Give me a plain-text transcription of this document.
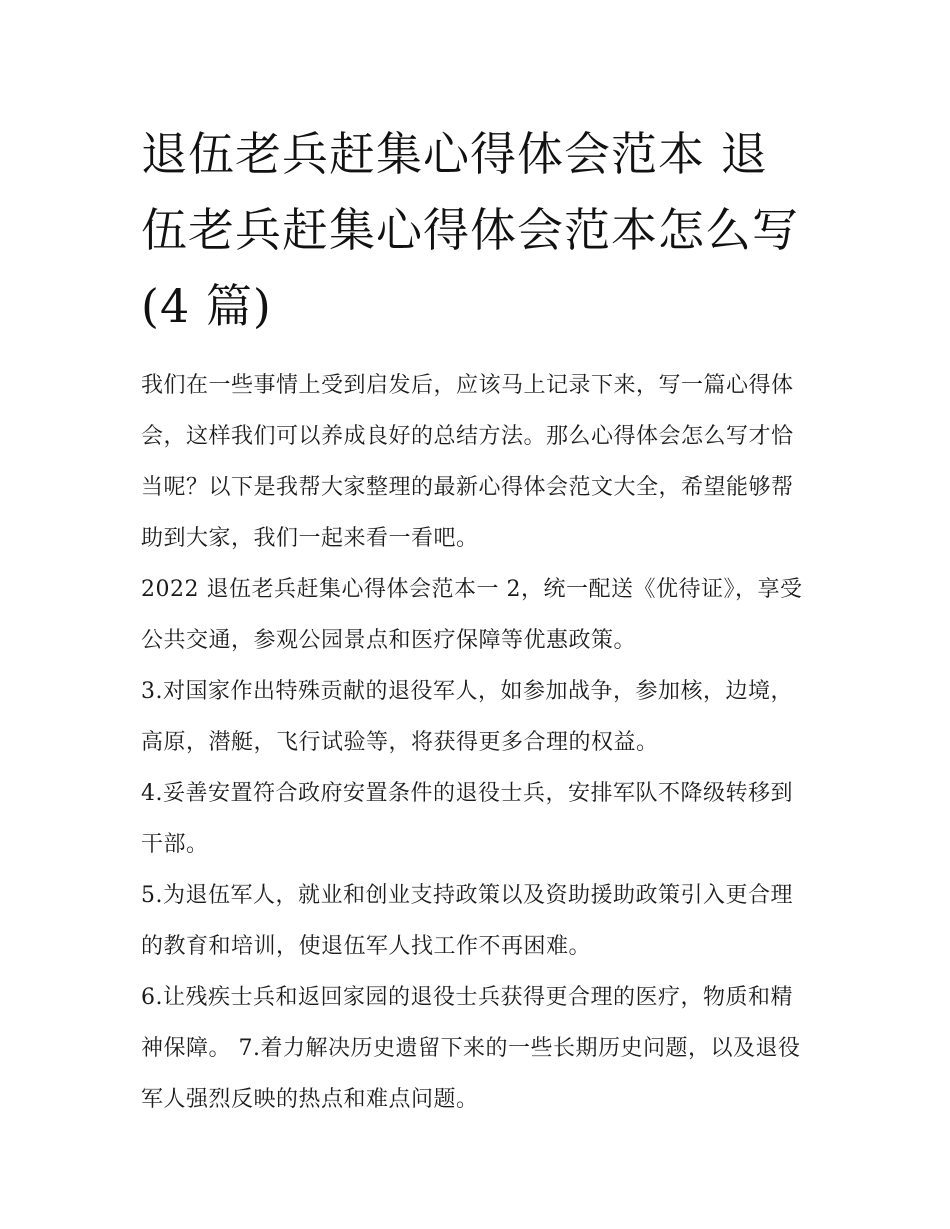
退伍老兵赶集心得体会范本 退伍老兵赶集心得体会范本怎么写(4 篇)

我们在一些事情上受到启发后，应该马上记录下来，写一篇心得体会，这样我们可以养成良好的总结方法。那么心得体会怎么写才恰当呢？以下是我帮大家整理的最新心得体会范文大全，希望能够帮助到大家，我们一起来看一看吧。

2022 退伍老兵赶集心得体会范本一 2，统一配送《优待证》，享受公共交通，参观公园景点和医疗保障等优惠政策。

3.对国家作出特殊贡献的退役军人，如参加战争，参加核，边境，高原，潜艇，飞行试验等，将获得更多合理的权益。

4.妥善安置符合政府安置条件的退役士兵，安排军队不降级转移到干部。

5.为退伍军人，就业和创业支持政策以及资助援助政策引入更合理的教育和培训，使退伍军人找工作不再困难。

6.让残疾士兵和返回家园的退役士兵获得更合理的医疗，物质和精神保障。 7.着力解决历史遗留下来的一些长期历史问题，以及退役军人强烈反映的热点和难点问题。
